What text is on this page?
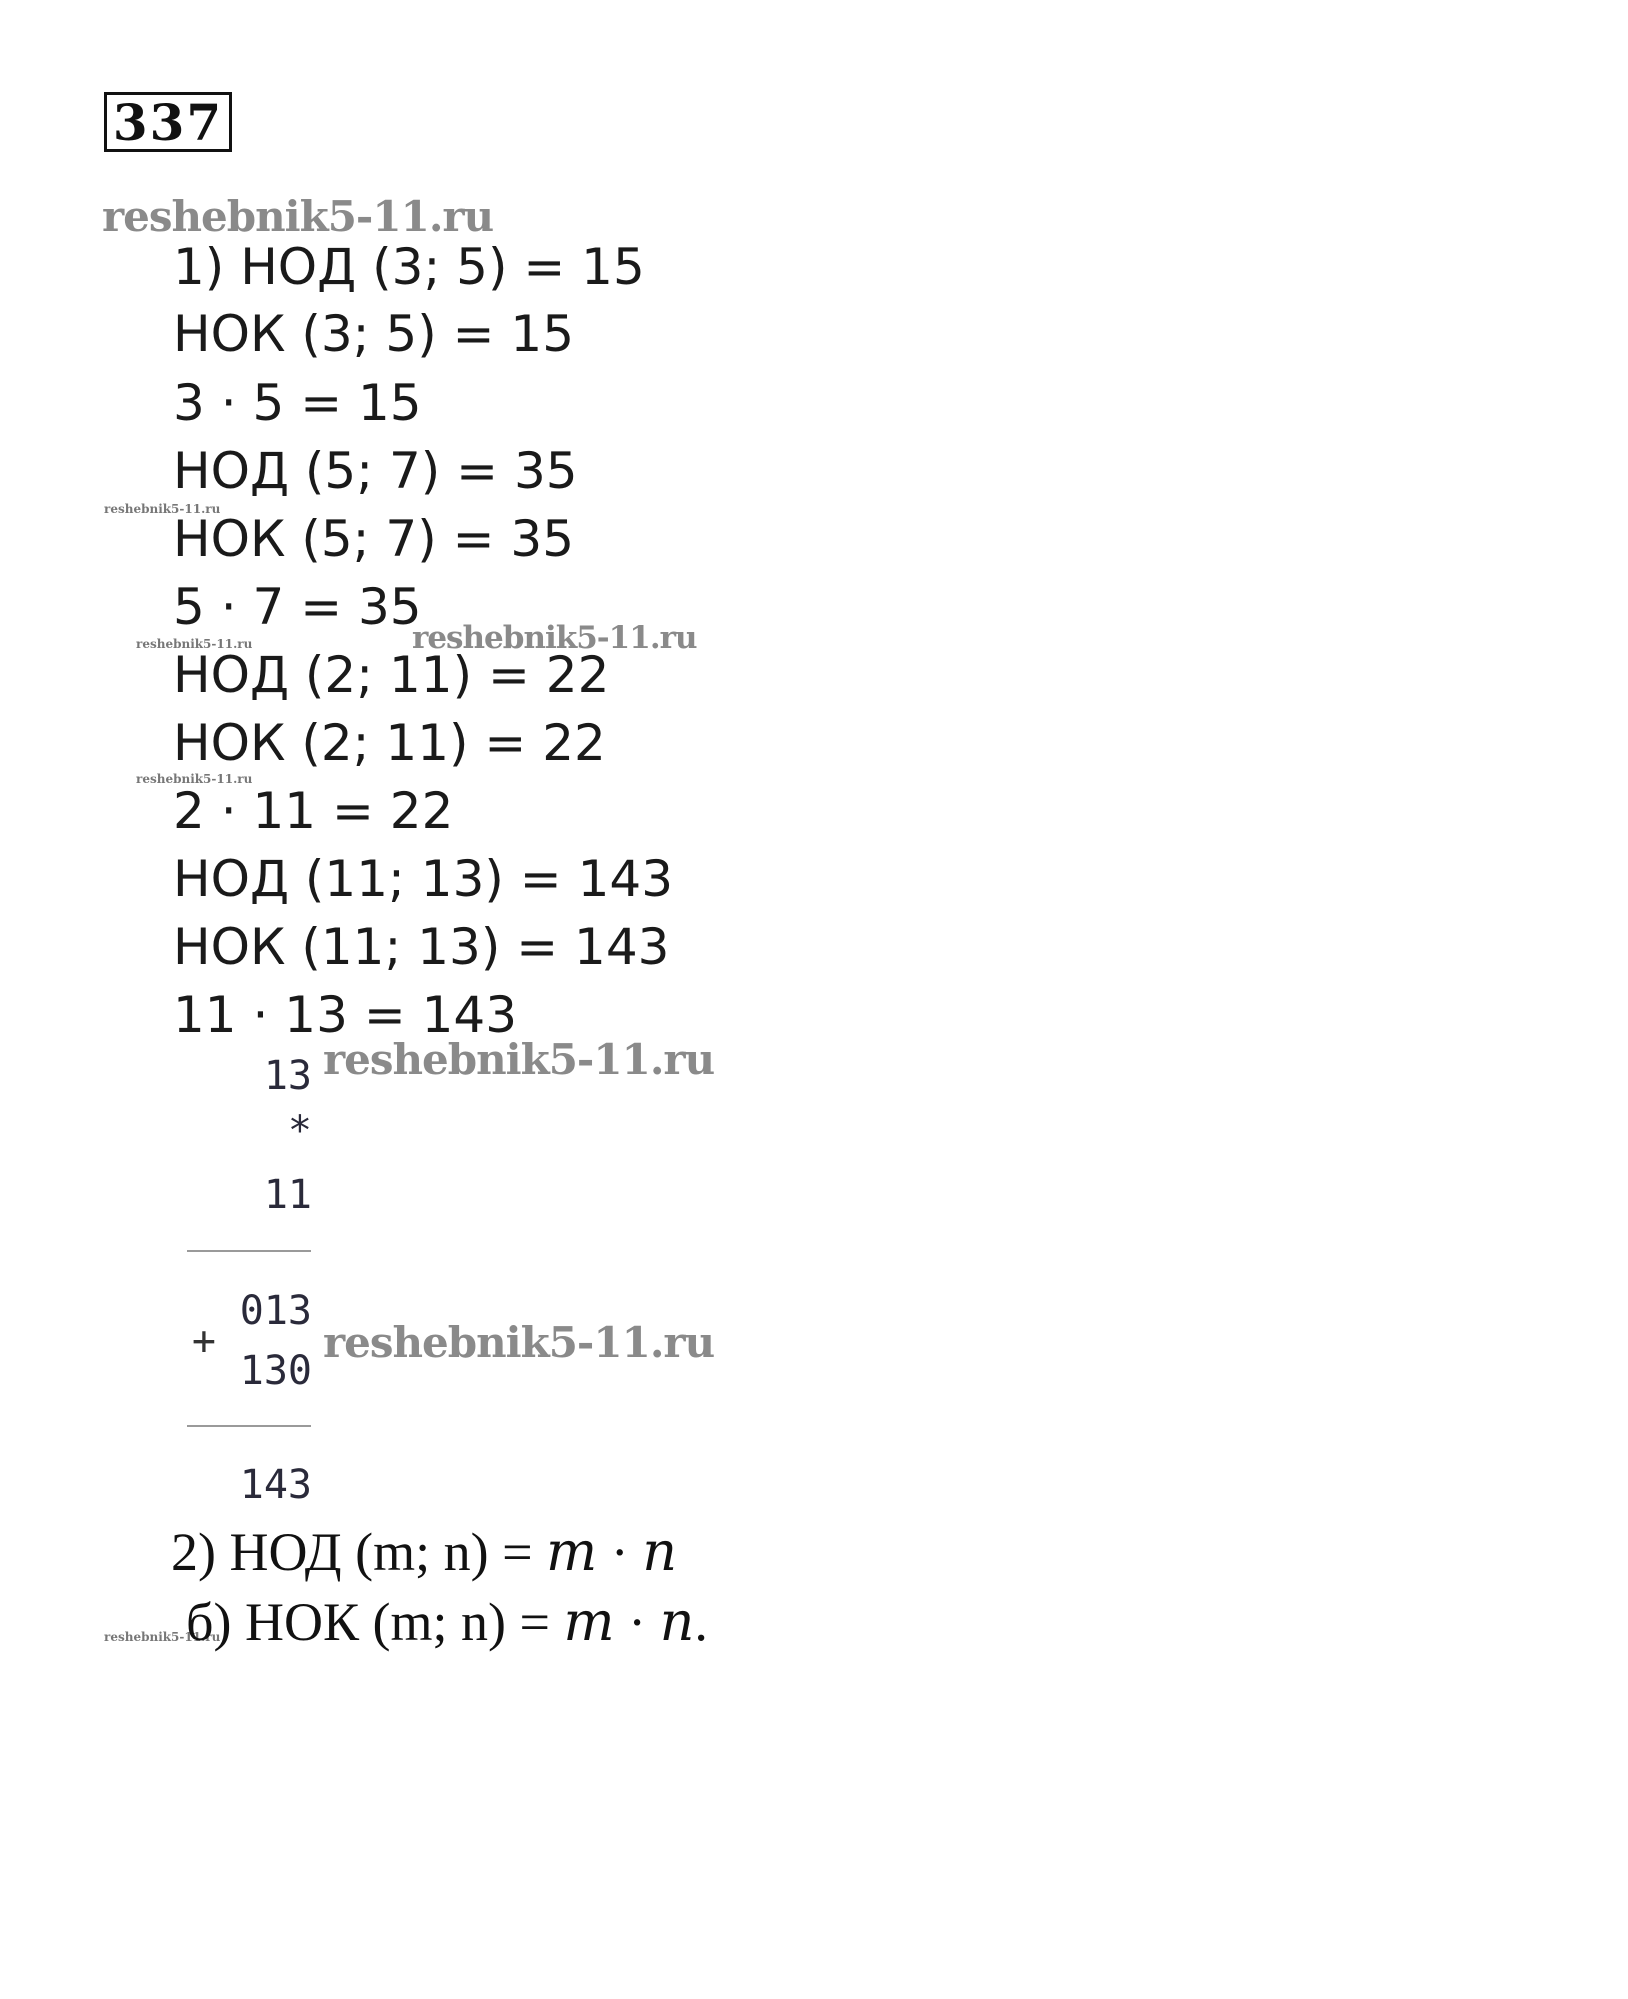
337
reshebnik5-11.ru
reshebnik5-11.ru
reshebnik5-11.ru
reshebnik5-11.ru
reshebnik5-11.ru
reshebnik5-11.ru
reshebnik5-11.ru
reshebnik5-11.ru
1) НОД (3; 5) = 15
НОК (3; 5) = 15
3 · 5 = 15
НОД (5; 7) = 35
НОК (5; 7) = 35
5 · 7 = 35
НОД (2; 11) = 22
НОК (2; 11) = 22
2 · 11 = 22
НОД (11; 13) = 143
НОК (11; 13) = 143
11 · 13 = 143
13
*
11
013
+
130
143
2) НОД (m; n) = m · n
б) НОК (m; n) = m · n.
